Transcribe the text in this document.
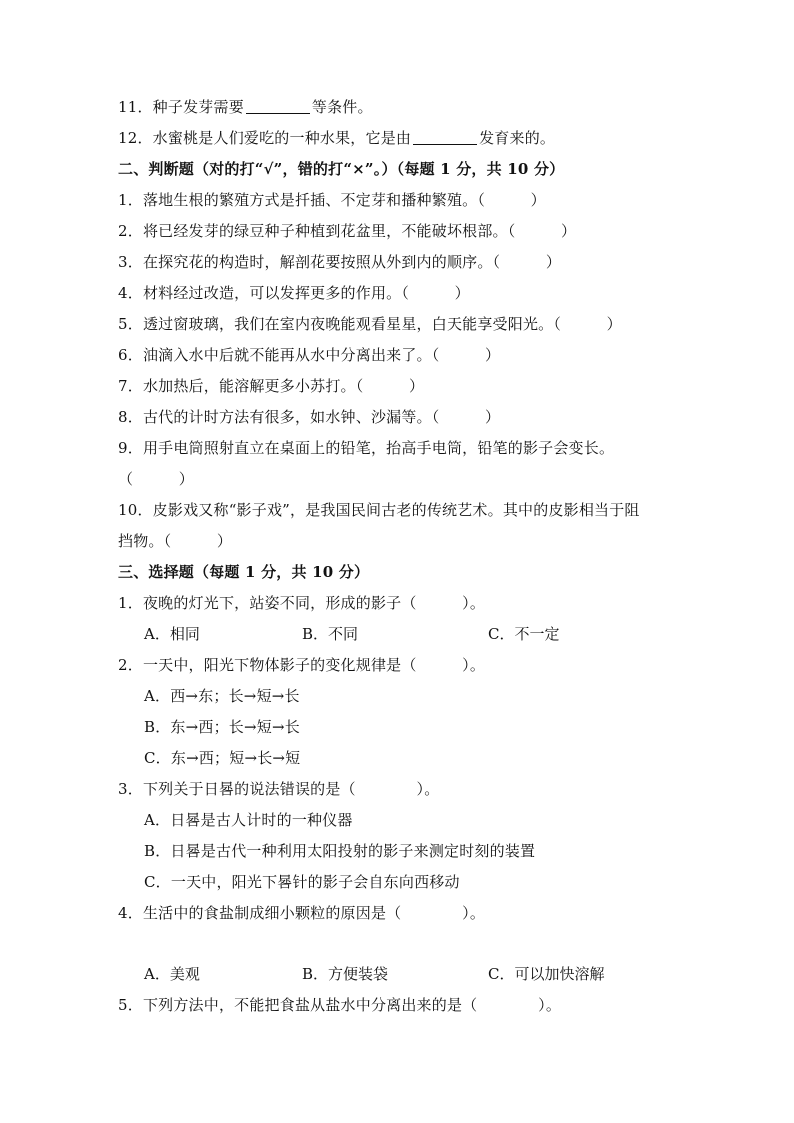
11．种子发芽需要	等条件。
12．水蜜桃是人们爱吃的一种水果，它是由	发育来的。
二、判断题（对的打“√”，错的打“×”。）（每题 1 分，共 10 分）
1．落地生根的繁殖方式是扦插、不定芽和播种繁殖。（　　　）
2．将已经发芽的绿豆种子种植到花盆里，不能破坏根部。（　　　）
3．在探究花的构造时，解剖花要按照从外到内的顺序。（　　　）
4．材料经过改造，可以发挥更多的作用。（　　　）
5．透过窗玻璃，我们在室内夜晚能观看星星，白天能享受阳光。（　　　）
6．油滴入水中后就不能再从水中分离出来了。（　　　）
7．水加热后，能溶解更多小苏打。（　　　）
8．古代的计时方法有很多，如水钟、沙漏等。（　　　）
9．用手电筒照射直立在桌面上的铅笔，抬高手电筒，铅笔的影子会变长。
（　　　）
10．皮影戏又称“影子戏”，是我国民间古老的传统艺术。其中的皮影相当于阻
挡物。（　　　）
三、选择题（每题 1 分，共 10 分）
1．夜晚的灯光下，站姿不同，形成的影子（　　　）。
A．相同	B．不同	C．不一定
2．一天中，阳光下物体影子的变化规律是（　　　）。
A．西→东；长→短→长
B．东→西；长→短→长
C．东→西；短→长→短
3．下列关于日晷的说法错误的是（　　　　）。
A．日晷是古人计时的一种仪器
B．日晷是古代一种利用太阳投射的影子来测定时刻的装置
C．一天中，阳光下晷针的影子会自东向西移动
4．生活中的食盐制成细小颗粒的原因是（　　　　）。
A．美观	B．方便装袋	C．可以加快溶解
5．下列方法中，不能把食盐从盐水中分离出来的是（　　　　）。
